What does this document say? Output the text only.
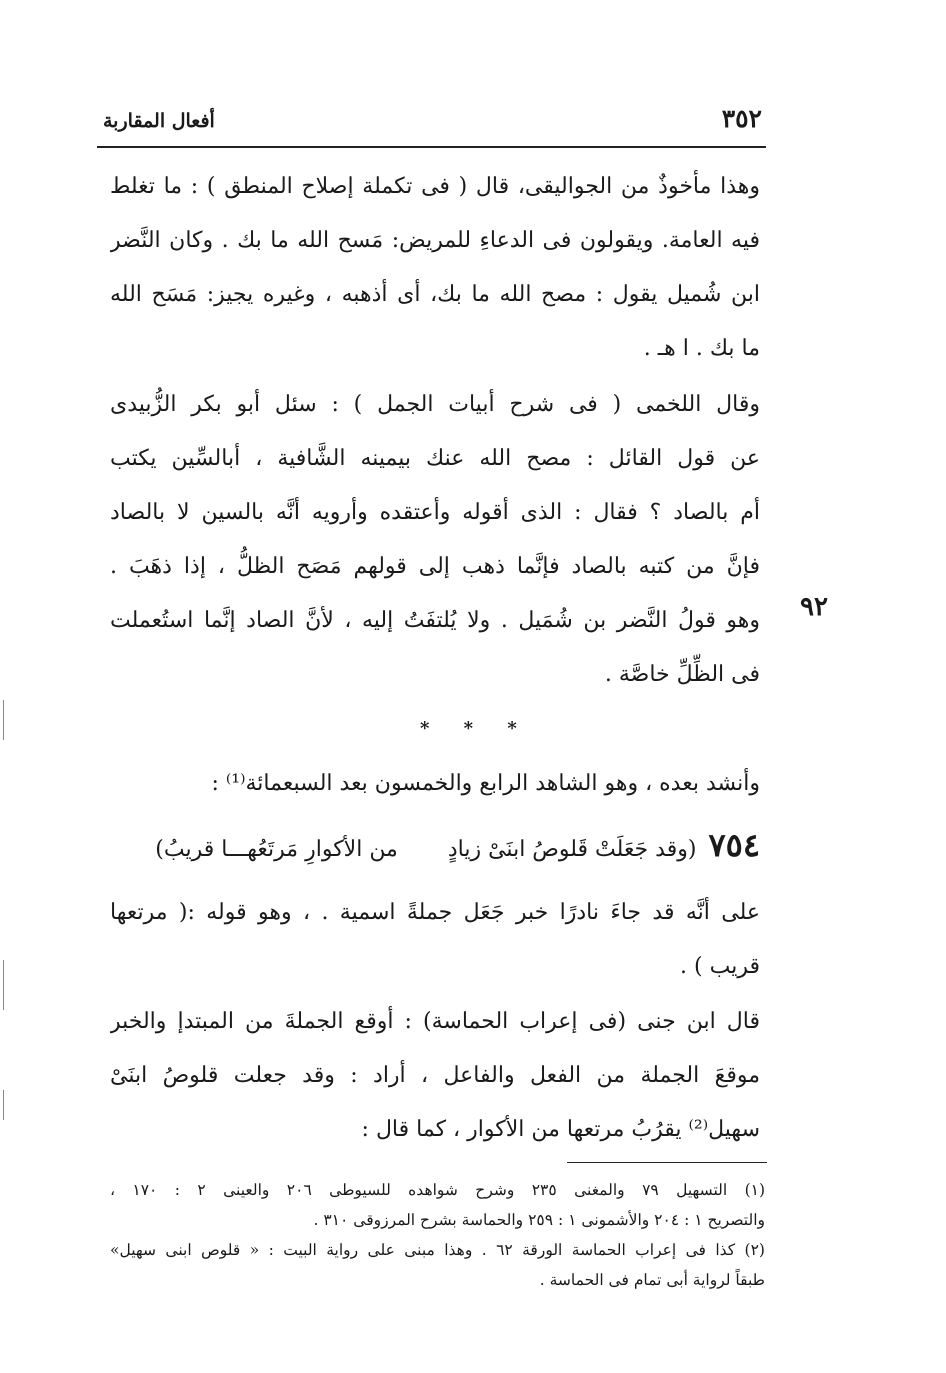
٣٥٢
أفعال المقاربة
وهذا مأخوذٌ من الجواليقى، قال ( فى تكملة إصلاح المنطق ) : ما تغلط
فيه العامة. ويقولون فى الدعاءِ للمريض: مَسح الله ما بك . وكان النَّضر
ابن شُميل يقول : مصح الله ما بك، أى أذهبه ، وغيره يجيز: مَسَح الله
ما بك . ا هـ .
وقال اللخمى ( فى شرح أبيات الجمل ) : سئل أبو بكر الزُّبيدى
عن قول القائل : مصح الله عنك بيمينه الشَّافية ، أبالسِّين يكتب
أم بالصاد ؟ فقال : الذى أقوله وأعتقده وأرويه أنَّه بالسين لا بالصاد
فإنَّ من كتبه بالصاد فإنَّما ذهب إلى قولهم مَصَح الظلُّ ، إذا ذهَبَ .
وهو قولُ النَّضر بن شُمَيل . ولا يُلتفَتُ إليه ، لأنَّ الصاد إنَّما استُعملت
فى الظِّلِّ خاصَّة .
٩٢
* * *
وأنشد بعده ، وهو الشاهد الرابع والخمسون بعد السبعمائة⁽¹⁾ :
٧٥٤
(وقد جَعَلَتْ قَلوصُ ابنَىْ زيادٍ
من الأكوارِ مَرتَعُهـــا قريبُ)
على أنَّه قد جاءَ نادرًا خبر جَعَل جملةً اسمية . ، وهو قوله :( مرتعها
قريب ) .
قال ابن جنى (فى إعراب الحماسة) : أوقع الجملةَ من المبتدإ والخبر
موقعَ الجملة من الفعل والفاعل ، أراد : وقد جعلت قلوصُ ابنَىْ
سهيل⁽²⁾ يقرُبُ مرتعها من الأكوار ، كما قال :
(١) التسهيل ٧٩ والمغنى ٢٣٥ وشرح شواهده للسيوطى ٢٠٦ والعينى ٢ : ١٧٠ ،
والتصريح ١ : ٢٠٤ والأشمونى ١ : ٢٥٩ والحماسة بشرح المرزوقى ٣١٠ .
(٢) كذا فى إعراب الحماسة الورقة ٦٢ . وهذا مبنى على رواية البيت : « قلوص ابنى سهيل»
طبقاً لرواية أبى تمام فى الحماسة .
